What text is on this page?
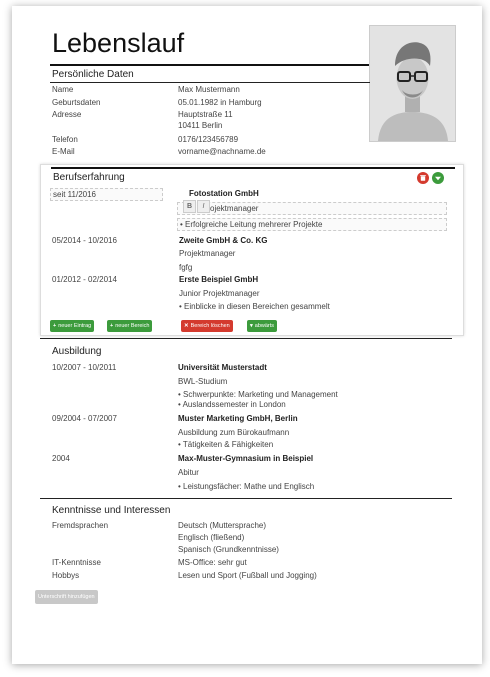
Lebenslauf
Persönliche Daten
Name	Max Mustermann
Geburtsdaten	05.01.1982 in Hamburg
Adresse	Hauptstraße 11
10411 Berlin
Telefon	0176/123456789
E-Mail	vorname@nachname.de
Berufserfahrung
seit 11/2016	Fotostation GmbH
ojektmanager
B	I
• Erfolgreiche Leitung mehrerer Projekte
05/2014 - 10/2016	Zweite GmbH & Co. KG
Projektmanager
fgfg
01/2012 - 02/2014	Erste Beispiel GmbH
Junior Projektmanager
• Einblicke in diesen Bereichen gesammelt
+ neuer Eintrag	+ neuer Bereich	✕ Bereich löschen	▾ abwärts
Ausbildung
10/2007 - 10/2011	Universität Musterstadt
BWL-Studium
• Schwerpunkte: Marketing und Management
• Auslandssemester in London
09/2004 - 07/2007	Muster Marketing GmbH, Berlin
Ausbildung zum Bürokaufmann
• Tätigkeiten & Fähigkeiten
2004	Max-Muster-Gymnasium in Beispiel
Abitur
• Leistungsfächer: Mathe und Englisch
Kenntnisse und Interessen
Fremdsprachen	Deutsch (Muttersprache)
Englisch (fließend)
Spanisch (Grundkenntnisse)
IT-Kenntnisse	MS-Office: sehr gut
Hobbys	Lesen und Sport (Fußball und Jogging)
Unterschrift hinzufügen
